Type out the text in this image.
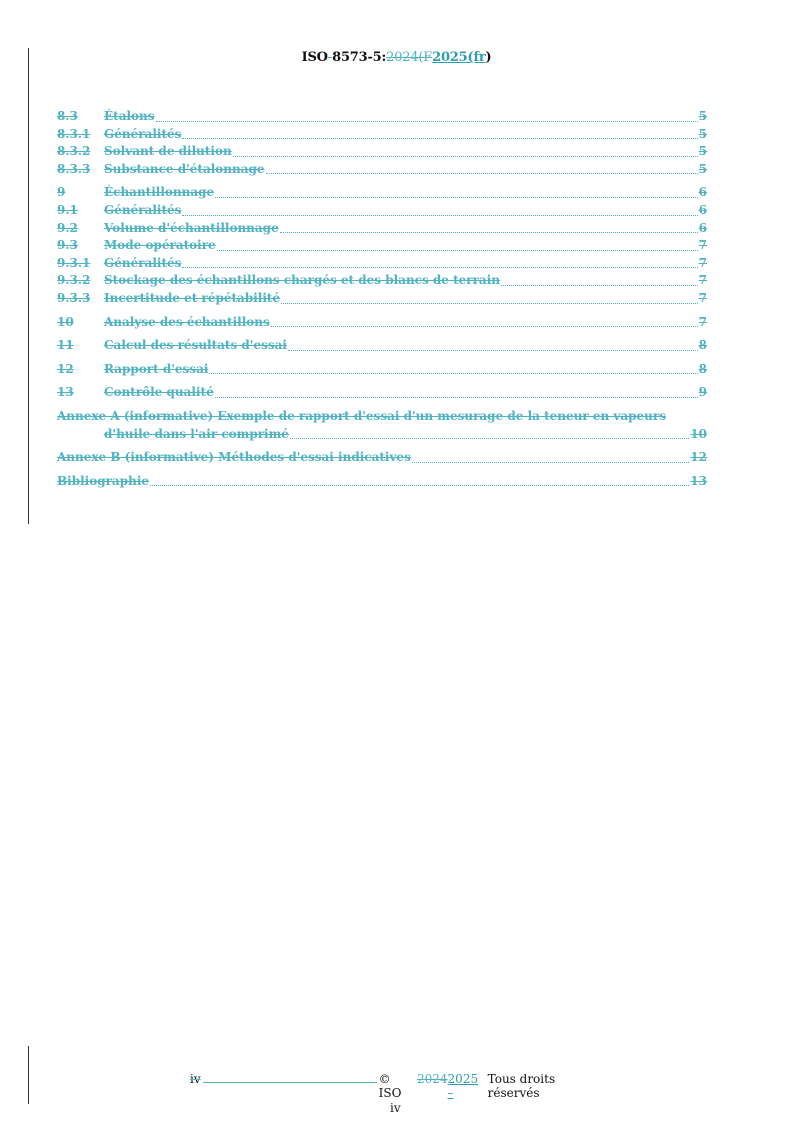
ISO 8573-5:2024(F2025(fr)
8.3	Étalons	5
8.3.1	Généralités	5
8.3.2	Solvant de dilution	5
8.3.3	Substance d'étalonnage	5
9	Échantillonnage	6
9.1	Généralités	6
9.2	Volume d'échantillonnage	6
9.3	Mode opératoire	7
9.3.1	Généralités	7
9.3.2	Stockage des échantillons chargés et des blancs de terrain	7
9.3.3	Incertitude et répétabilité	7
10	Analyse des échantillons	7
11	Calcul des résultats d'essai	8
12	Rapport d'essai	8
13	Contrôle qualité	9
Annexe A (informative) Exemple de rapport d'essai d'un mesurage de la teneur en vapeurs
d'huile dans l'air comprimé	10
Annexe B (informative) Méthodes d'essai indicatives	12
Bibliographie	13
iv	© ISO
2024 2025 –
Tous droits réservés
iv
